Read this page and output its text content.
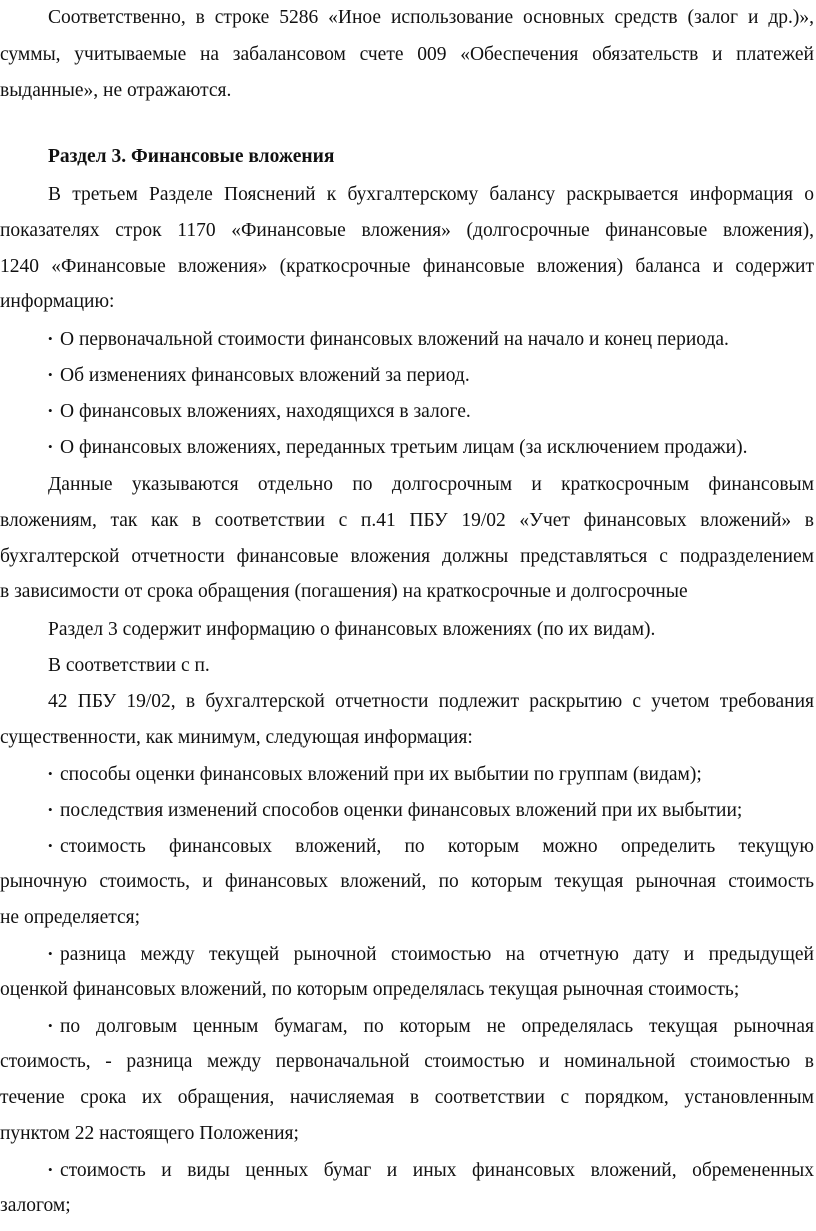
Соответственно, в строке 5286 «Иное использование основных средств (залог и др.)»,
суммы, учитываемые на забалансовом счете 009 «Обеспечения обязательств и платежей
выданные», не отражаются.
Раздел 3. Финансовые вложения
В третьем Разделе Пояснений к бухгалтерскому балансу раскрывается информация о
показателях строк 1170 «Финансовые вложения» (долгосрочные финансовые вложения),
1240 «Финансовые вложения» (краткосрочные финансовые вложения) баланса и содержит
информацию:
• О первоначальной стоимости финансовых вложений на начало и конец периода.
• Об изменениях финансовых вложений за период.
• О финансовых вложениях, находящихся в залоге.
• О финансовых вложениях, переданных третьим лицам (за исключением продажи).
Данные указываются отдельно по долгосрочным и краткосрочным финансовым
вложениям, так как в соответствии с п.41 ПБУ 19/02 «Учет финансовых вложений» в
бухгалтерской отчетности финансовые вложения должны представляться с подразделением
в зависимости от срока обращения (погашения) на краткосрочные и долгосрочные
Раздел 3 содержит информацию о финансовых вложениях (по их видам).
В соответствии с п.
42 ПБУ 19/02, в бухгалтерской отчетности подлежит раскрытию с учетом требования
существенности, как минимум, следующая информация:
• способы оценки финансовых вложений при их выбытии по группам (видам);
• последствия изменений способов оценки финансовых вложений при их выбытии;
• стоимость финансовых вложений, по которым можно определить текущую
рыночную стоимость, и финансовых вложений, по которым текущая рыночная стоимость
не определяется;
• разница между текущей рыночной стоимостью на отчетную дату и предыдущей
оценкой финансовых вложений, по которым определялась текущая рыночная стоимость;
• по долговым ценным бумагам, по которым не определялась текущая рыночная
стоимость, - разница между первоначальной стоимостью и номинальной стоимостью в
течение срока их обращения, начисляемая в соответствии с порядком, установленным
пунктом 22 настоящего Положения;
• стоимость и виды ценных бумаг и иных финансовых вложений, обремененных
залогом;
